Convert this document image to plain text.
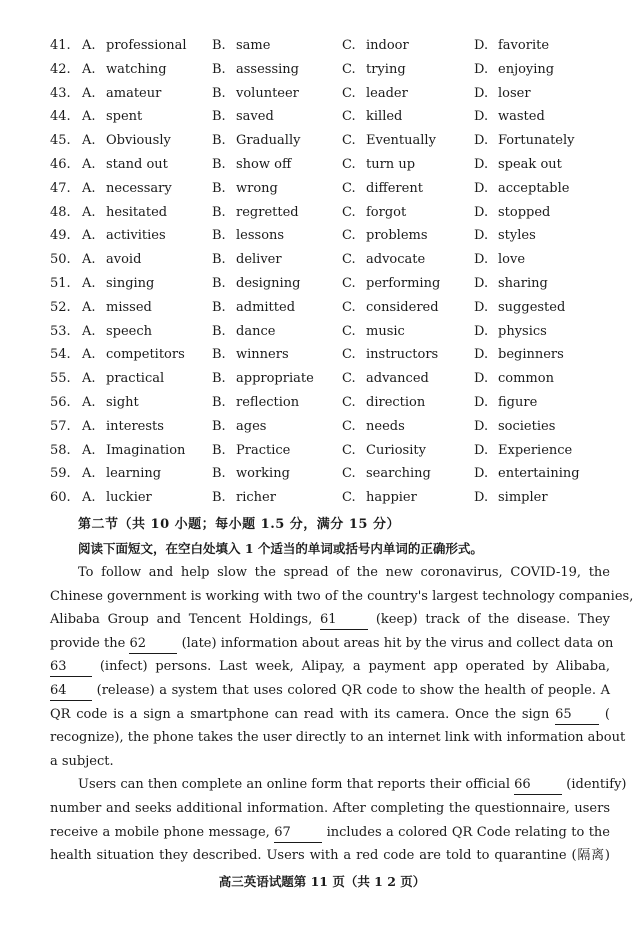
41. A. professional B. same	C. indoor	D. favorite
42. A. watching	B. assessing	C. trying	D. enjoying
43. A. amateur	B. volunteer	C. leader	D. loser
44. A. spent	B. saved	C. killed	D. wasted
45. A. Obviously	B. Gradually	C. Eventually	D. Fortunately
46. A. stand out	B. show off	C. turn up	D. speak out
47. A. necessary	B. wrong	C. different	D. acceptable
48. A. hesitated	B. regretted	C. forgot	D. stopped
49. A. activities	B. lessons	C. problems	D. styles
50. A. avoid	B. deliver	C. advocate	D. love
51. A. singing	B. designing	C. performing	D. sharing
52. A. missed	B. admitted	C. considered	D. suggested
53. A. speech	B. dance	C. music	D. physics
54. A. competitors B. winners	C. instructors	D. beginners
55. A. practical	B. appropriate C. advanced	D. common
56. A. sight	B. reflection	C. direction	D. figure
57. A. interests	B. ages	C. needs	D. societies
58. A. Imagination B. Practice	C. Curiosity	D. Experience
59. A. learning	B. working	C. searching	D. entertaining
60. A. luckier	B. richer	C. happier	D. simpler
第二节（共 10 小题；每小题 1.5 分，满分 15 分）
阅读下面短文，在空白处填入 1 个适当的单词或括号内单词的正确形式。
To follow and help slow the spread of the new coronavirus, COVID-19, the
Chinese government is working with two of the country's largest technology companies,
Alibaba Group and Tencent Holdings, 61	(keep) track of the disease. They
provide the 62	(late) information about areas hit by the virus and collect data on
63	(infect) persons. Last week, Alipay, a payment app operated by Alibaba,
64 (release) a system that uses colored QR code to show the health of people. A
QR code is a sign a smartphone can read with its camera. Once the sign 65	(
recognize), the phone takes the user directly to an internet link with information about
a subject.
Users can then complete an online form that reports their official 66	(identify)
number and seeks additional information. After completing the questionnaire, users
receive a mobile phone message, 67	includes a colored QR Code relating to the
health situation they described. Users with a red code are told to quarantine (隔离)
高三英语试题第 11 页（共 1 2 页）
